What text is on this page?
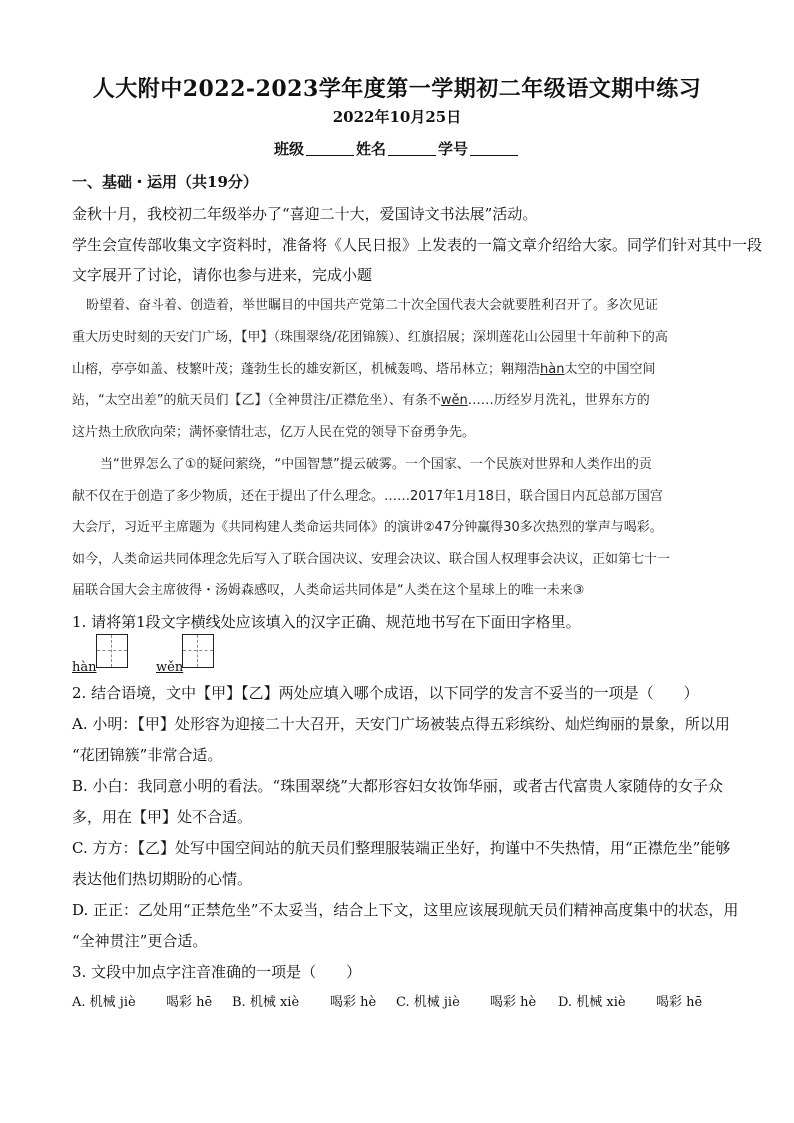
人大附中2022-2023学年度第一学期初二年级语文期中练习
2022年10月25日
班级	姓名	学号
一、基础・运用（共19分）
金秋十月，我校初二年级举办了“喜迎二十大，爱国诗文书法展”活动。
学生会宣传部收集文字资料时，准备将《人民日报》上发表的一篇文章介绍给大家。同学们针对其中一段
文字展开了讨论，请你也参与进来，完成小题
盼望着、奋斗着、创造着，举世瞩目的中国共产党第二十次全国代表大会就要胜利召开了。多次见证
重大历史时刻的天安门广场，【甲】（珠围翠绕/花团锦簇）、红旗招展；深圳莲花山公园里十年前种下的高
山榕，亭亭如盖、枝繁叶茂；蓬勃生长的雄安新区，机械轰鸣、塔吊林立；翱翔浩hàn太空的中国空间
站，“太空出差”的航天员们【乙】（全神贯注/正襟危坐）、有条不wěn……历经岁月洗礼，世界东方的
这片热土欣欣向荣；满怀豪情壮志，亿万人民在党的领导下奋勇争先。
当“世界怎么了①的疑问萦绕，“中国智慧”提云破雾。一个国家、一个民族对世界和人类作出的贡
献不仅在于创造了多少物质，还在于提出了什么理念。……2017年1月18日，联合国日内瓦总部万国宫
大会厅，习近平主席题为《共同构建人类命运共同体》的演讲②47分钟赢得30多次热烈的掌声与喝彩。
如今，人类命运共同体理念先后写入了联合国决议、安理会决议、联合国人权理事会决议，正如第七十一
届联合国大会主席彼得・汤姆森感叹，人类命运共同体是“人类在这个星球上的唯一未来③
1. 请将第1段文字横线处应该填入的汉字正确、规范地书写在下面田字格里。
hàn	wěn
2. 结合语境，文中【甲】【乙】两处应填入哪个成语，以下同学的发言不妥当的一项是（　　）
A. 小明：【甲】处形容为迎接二十大召开，天安门广场被装点得五彩缤纷、灿烂绚丽的景象，所以用
“花团锦簇”非常合适。
B. 小白：我同意小明的看法。“珠围翠绕”大都形容妇女妆饰华丽，或者古代富贵人家随侍的女子众
多，用在【甲】处不合适。
C. 方方：【乙】处写中国空间站的航天员们整理服装端正坐好，拘谨中不失热情，用“正襟危坐”能够
表达他们热切期盼的心情。
D. 正正：乙处用“正禁危坐”不太妥当，结合上下文，这里应该展现航天员们精神高度集中的状态，用
“全神贯注”更合适。
3. 文段中加点字注音准确的一项是（　　）
A. 机械 jiè 喝彩 hē B. 机械 xiè 喝彩 hè C. 机械 jiè 喝彩 hè D. 机械 xiè 喝彩 hē
